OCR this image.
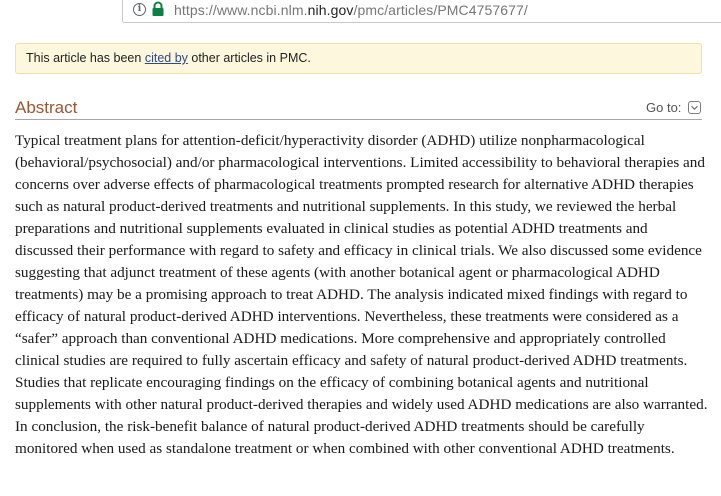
i	https://www.ncbi.nlm.nih.gov/pmc/articles/PMC4757677/
This article has been cited by other articles in PMC.
Abstract	Go to:

Typical treatment plans for attention-deficit/hyperactivity disorder (ADHD) utilize nonpharmacological (behavioral/psychosocial) and/or pharmacological interventions. Limited accessibility to behavioral therapies and concerns over adverse effects of pharmacological treatments prompted research for alternative ADHD therapies such as natural product-derived treatments and nutritional supplements. In this study, we reviewed the herbal preparations and nutritional supplements evaluated in clinical studies as potential ADHD treatments and discussed their performance with regard to safety and efficacy in clinical trials. We also discussed some evidence suggesting that adjunct treatment of these agents (with another botanical agent or pharmacological ADHD treatments) may be a promising approach to treat ADHD. The analysis indicated mixed findings with regard to efficacy of natural product-derived ADHD interventions. Nevertheless, these treatments were considered as a “safer” approach than conventional ADHD medications. More comprehensive and appropriately controlled clinical studies are required to fully ascertain efficacy and safety of natural product-derived ADHD treatments. Studies that replicate encouraging findings on the efficacy of combining botanical agents and nutritional supplements with other natural product-derived therapies and widely used ADHD medications are also warranted. In conclusion, the risk-benefit balance of natural product-derived ADHD treatments should be carefully monitored when used as standalone treatment or when combined with other conventional ADHD treatments.
